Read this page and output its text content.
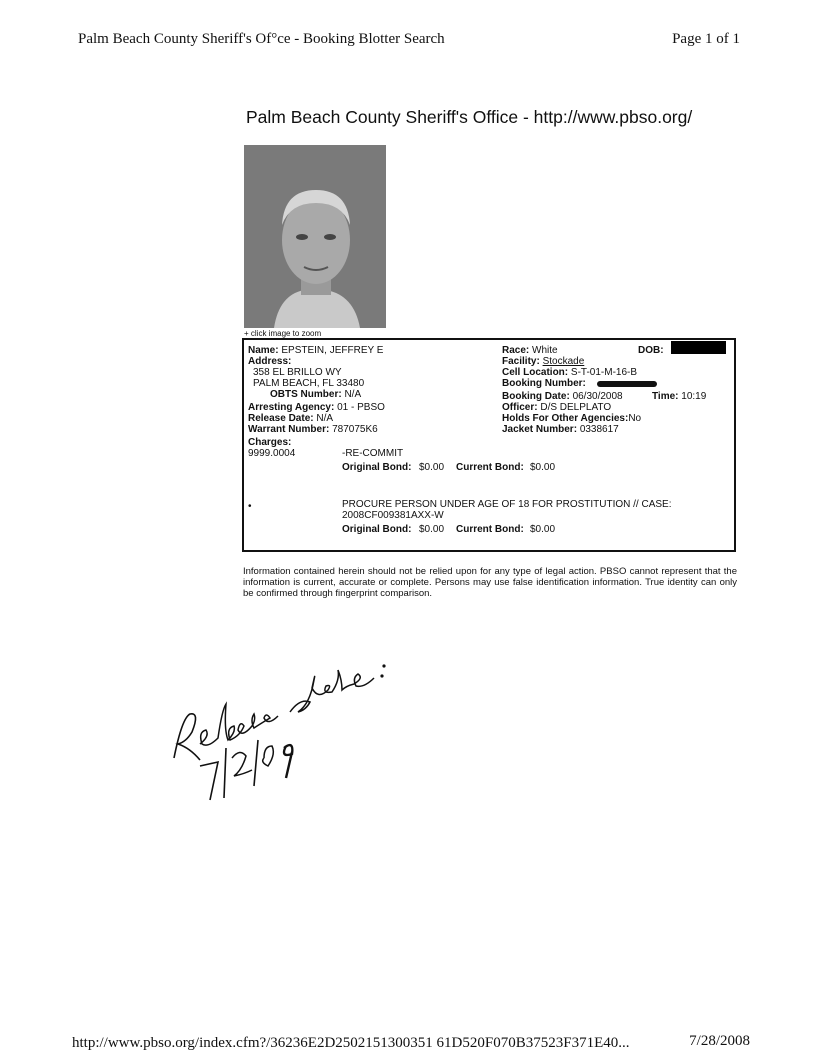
Palm Beach County Sheriff's Of°ce - Booking Blotter Search	Page 1 of 1
Palm Beach County Sheriff's Office - http://www.pbso.org/
+ click image to zoom
Name: EPSTEIN, JEFFREY E
Address:
358 EL BRILLO WY
PALM BEACH, FL 33480
OBTS Number: N/A
Arresting Agency: 01 - PBSO
Release Date: N/A
Warrant Number: 787075K6
Charges:
Race: White	DOB:
Facility: Stockade
Cell Location: S-T-01-M-16-B
Booking Number:
Booking Date: 06/30/2008	Time: 10:19
Officer: D/S DELPLATO
Holds For Other Agencies:No
Jacket Number: 0338617
9999.0004	-RE-COMMIT
Original Bond: $0.00 Current Bond: $0.00
•	PROCURE PERSON UNDER AGE OF 18 FOR PROSTITUTION // CASE:
2008CF009381AXX-W
Original Bond: $0.00 Current Bond: $0.00
Information contained herein should not be relied upon for any type of legal action. PBSO cannot represent that the information is current, accurate or complete. Persons may use false identification information. True identity can only be confirmed through fingerprint comparison.
http://www.pbso.org/index.cfm?/36236E2D2502151300351 61D520F070B37523F371E40...	7/28/2008
